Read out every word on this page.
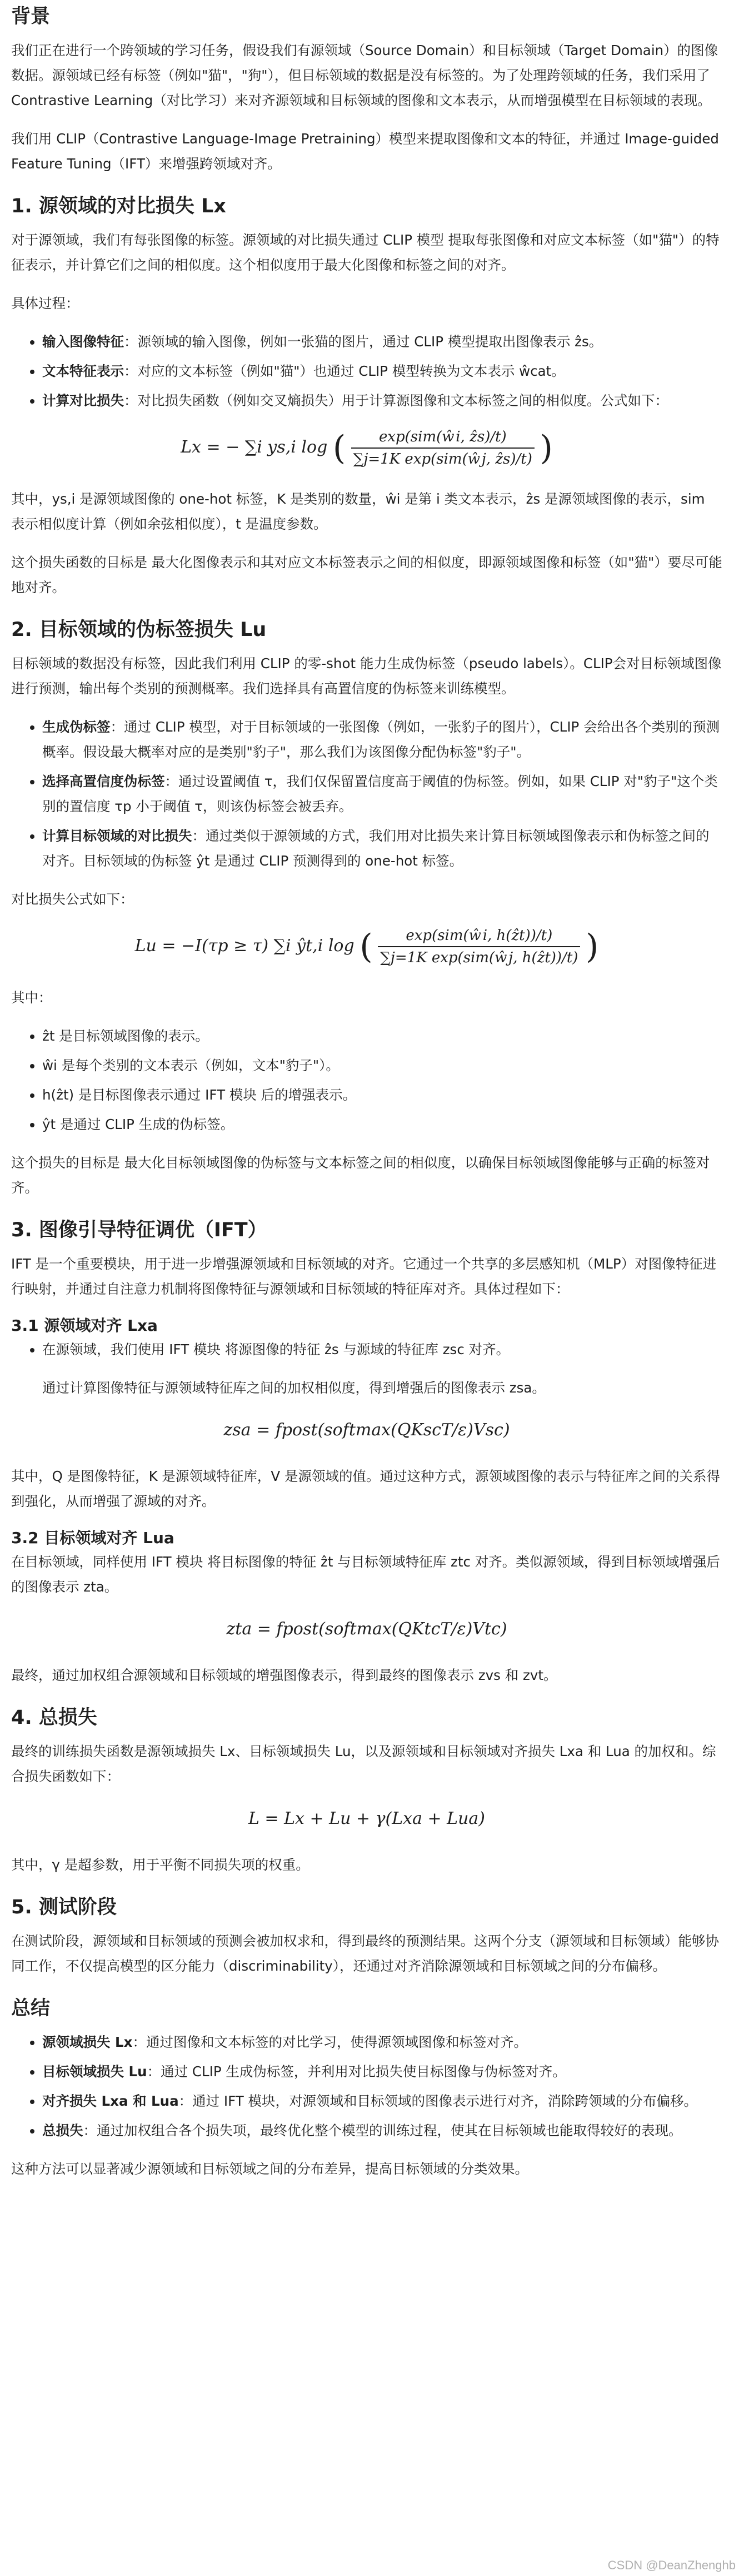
背景

我们正在进行一个跨领域的学习任务，假设我们有源领域（Source Domain）和目标领域（Target Domain）的图像数据。源领域已经有标签（例如"猫"，"狗"），但目标领域的数据是没有标签的。为了处理跨领域的任务，我们采用了 Contrastive Learning（对比学习）来对齐源领域和目标领域的图像和文本表示，从而增强模型在目标领域的表现。

我们用 CLIP（Contrastive Language-Image Pretraining）模型来提取图像和文本的特征，并通过 Image-guided Feature Tuning（IFT）来增强跨领域对齐。

1. 源领域的对比损失 Lx

对于源领域，我们有每张图像的标签。源领域的对比损失通过 CLIP 模型 提取每张图像和对应文本标签（如"猫"）的特征表示，并计算它们之间的相似度。这个相似度用于最大化图像和标签之间的对齐。

具体过程：

• 输入图像特征：源领域的输入图像，例如一张猫的图片，通过 CLIP 模型提取出图像表示 ẑs。
• 文本特征表示：对应的文本标签（例如"猫"）也通过 CLIP 模型转换为文本表示 ŵcat。
• 计算对比损失：对比损失函数（例如交叉熵损失）用于计算源图像和文本标签之间的相似度。公式如下：
Lx = − ∑i ys,i log ( $\frac{\text{exp(sim(ŵi, ẑs)/t)}}{\text{∑j=1K exp(sim(ŵj, ẑs)/t)}}$ )

其中，ys,i 是源领域图像的 one-hot 标签，K 是类别的数量，ŵi 是第 i 类文本表示，ẑs 是源领域图像的表示，sim 表示相似度计算（例如余弦相似度），t 是温度参数。

这个损失函数的目标是 最大化图像表示和其对应文本标签表示之间的相似度，即源领域图像和标签（如"猫"）要尽可能地对齐。

2. 目标领域的伪标签损失 Lu

目标领域的数据没有标签，因此我们利用 CLIP 的零-shot 能力生成伪标签（pseudo labels）。CLIP会对目标领域图像进行预测，输出每个类别的预测概率。我们选择具有高置信度的伪标签来训练模型。

• 生成伪标签：通过 CLIP 模型，对于目标领域的一张图像（例如，一张豹子的图片），CLIP 会给出各个类别的预测概率。假设最大概率对应的是类别"豹子"，那么我们为该图像分配伪标签"豹子"。
• 选择高置信度伪标签：通过设置阈值 τ，我们仅保留置信度高于阈值的伪标签。例如，如果 CLIP 对"豹子"这个类别的置信度 τp 小于阈值 τ，则该伪标签会被丢弃。
• 计算目标领域的对比损失：通过类似于源领域的方式，我们用对比损失来计算目标领域图像表示和伪标签之间的对齐。目标领域的伪标签 ŷt 是通过 CLIP 预测得到的 one-hot 标签。

对比损失公式如下：

Lu = −I(τp ≥ τ) ∑i ŷt,i log ( $\frac{\text{exp(sim(ŵi, h(ẑt))/t)}}{\text{∑j=1K exp(sim(ŵj, h(ẑt))/t)}}$ )

其中：

• ẑt 是目标领域图像的表示。
• ŵi 是每个类别的文本表示（例如，文本"豹子"）。
• h(ẑt) 是目标图像表示通过 IFT 模块 后的增强表示。
• ŷt 是通过 CLIP 生成的伪标签。

这个损失的目标是 最大化目标领域图像的伪标签与文本标签之间的相似度，以确保目标领域图像能够与正确的标签对齐。

3. 图像引导特征调优（IFT）

IFT 是一个重要模块，用于进一步增强源领域和目标领域的对齐。它通过一个共享的多层感知机（MLP）对图像特征进行映射，并通过自注意力机制将图像特征与源领域和目标领域的特征库对齐。具体过程如下：

3.1 源领域对齐 Lxa
• 在源领域，我们使用 IFT 模块 将源图像的特征 ẑs 与源域的特征库 zsc 对齐。

通过计算图像特征与源领域特征库之间的加权相似度，得到增强后的图像表示 zsa。

zsa = fpost(softmax(QKscT/ε)Vsc)

其中，Q 是图像特征，K 是源领域特征库，V 是源领域的值。通过这种方式，源领域图像的表示与特征库之间的关系得到强化，从而增强了源域的对齐。

3.2 目标领域对齐 Lua

在目标领域，同样使用 IFT 模块 将目标图像的特征 ẑt 与目标领域特征库 ztc 对齐。类似源领域，得到目标领域增强后的图像表示 zta。

zta = fpost(softmax(QKtcT/ε)Vtc)

最终，通过加权组合源领域和目标领域的增强图像表示，得到最终的图像表示 zvs 和 zvt。

4. 总损失

最终的训练损失函数是源领域损失 Lx、目标领域损失 Lu，以及源领域和目标领域对齐损失 Lxa 和 Lua 的加权和。综合损失函数如下：

L = Lx + Lu + γ(Lxa + Lua)

其中，γ 是超参数，用于平衡不同损失项的权重。

5. 测试阶段

在测试阶段，源领域和目标领域的预测会被加权求和，得到最终的预测结果。这两个分支（源领域和目标领域）能够协同工作，不仅提高模型的区分能力（discriminability），还通过对齐消除源领域和目标领域之间的分布偏移。

总结
• 源领域损失 Lx：通过图像和文本标签的对比学习，使得源领域图像和标签对齐。
• 目标领域损失 Lu：通过 CLIP 生成伪标签，并利用对比损失使目标图像与伪标签对齐。
• 对齐损失 Lxa 和 Lua：通过 IFT 模块，对源领域和目标领域的图像表示进行对齐，消除跨领域的分布偏移。
• 总损失：通过加权组合各个损失项，最终优化整个模型的训练过程，使其在目标领域也能取得较好的表现。

这种方法可以显著减少源领域和目标领域之间的分布差异，提高目标领域的分类效果。

CSDN @DeanZhenghb
